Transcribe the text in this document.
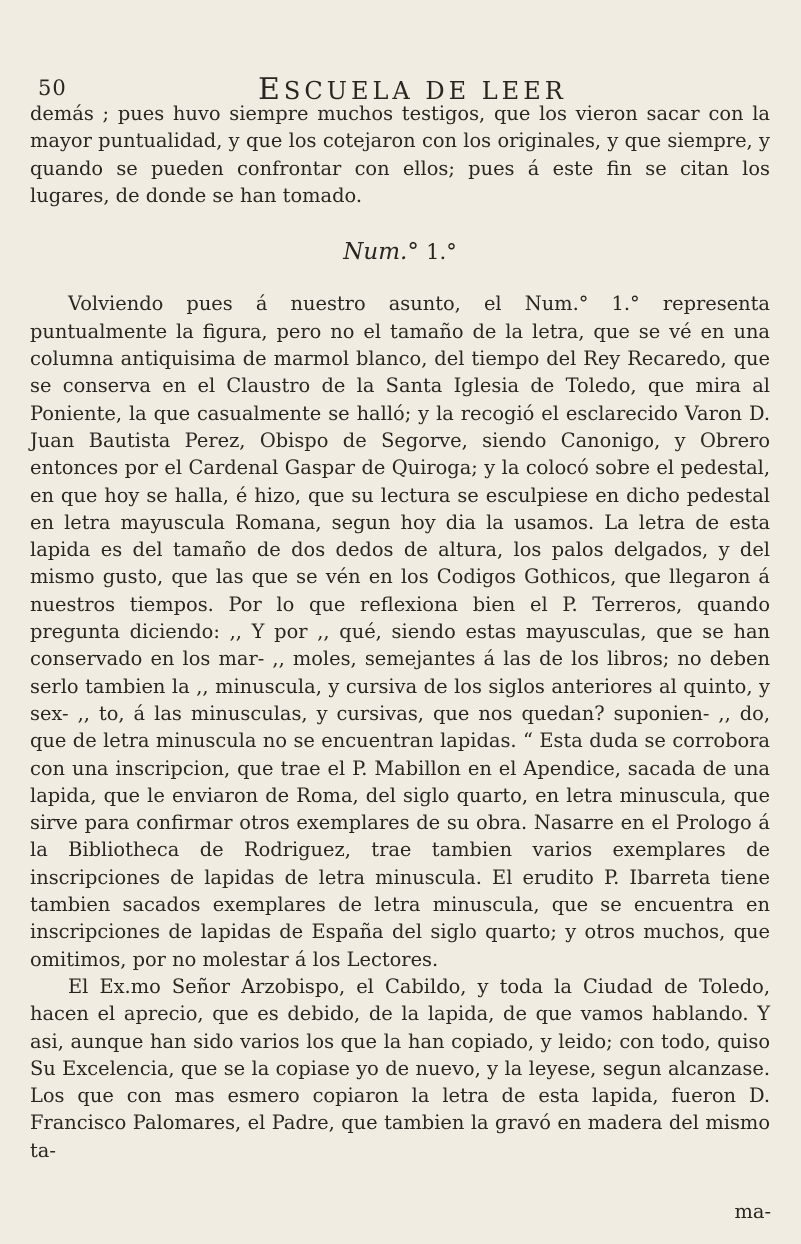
50	ESCUELA DE LEER

demás ; pues huvo siempre muchos testigos, que los vieron sacar con la mayor puntualidad, y que los cotejaron con los originales, y que siempre, y quando se pueden confrontar con ellos; pues á este fin se citan los lugares, de donde se han tomado.

Num.° 1.°

Volviendo pues á nuestro asunto, el Num.° 1.° representa puntualmente la figura, pero no el tamaño de la letra, que se vé en una columna antiquisima de marmol blanco, del tiempo del Rey Recaredo, que se conserva en el Claustro de la Santa Iglesia de Toledo, que mira al Poniente, la que casualmente se halló; y la recogió el esclarecido Varon D. Juan Bautista Perez, Obispo de Segorve, siendo Canonigo, y Obrero entonces por el Cardenal Gaspar de Quiroga; y la colocó sobre el pedestal, en que hoy se halla, é hizo, que su lectura se esculpiese en dicho pedestal en letra mayuscula Romana, segun hoy dia la usamos. La letra de esta lapida es del tamaño de dos dedos de altura, los palos delgados, y del mismo gusto, que las que se vén en los Codigos Gothicos, que llegaron á nuestros tiempos. Por lo que reflexiona bien el P. Terreros, quando pregunta diciendo: ,, Y por ,, qué, siendo estas mayusculas, que se han conservado en los mar- ,, moles, semejantes á las de los libros; no deben serlo tambien la ,, minuscula, y cursiva de los siglos anteriores al quinto, y sex- ,, to, á las minusculas, y cursivas, que nos quedan? suponien- ,, do, que de letra minuscula no se encuentran lapidas. “ Esta duda se corrobora con una inscripcion, que trae el P. Mabillon en el Apendice, sacada de una lapida, que le enviaron de Roma, del siglo quarto, en letra minuscula, que sirve para confirmar otros exemplares de su obra. Nasarre en el Prologo á la Bibliotheca de Rodriguez, trae tambien varios exemplares de inscripciones de lapidas de letra minuscula. El erudito P. Ibarreta tiene tambien sacados exemplares de letra minuscula, que se encuentra en inscripciones de lapidas de España del siglo quarto; y otros muchos, que omitimos, por no molestar á los Lectores.

El Ex.mo Señor Arzobispo, el Cabildo, y toda la Ciudad de Toledo, hacen el aprecio, que es debido, de la lapida, de que vamos hablando. Y asi, aunque han sido varios los que la han copiado, y leido; con todo, quiso Su Excelencia, que se la copiase yo de nuevo, y la leyese, segun alcanzase. Los que con mas esmero copiaron la letra de esta lapida, fueron D. Francisco Palomares, el Padre, que tambien la gravó en madera del mismo ta-

ma-
